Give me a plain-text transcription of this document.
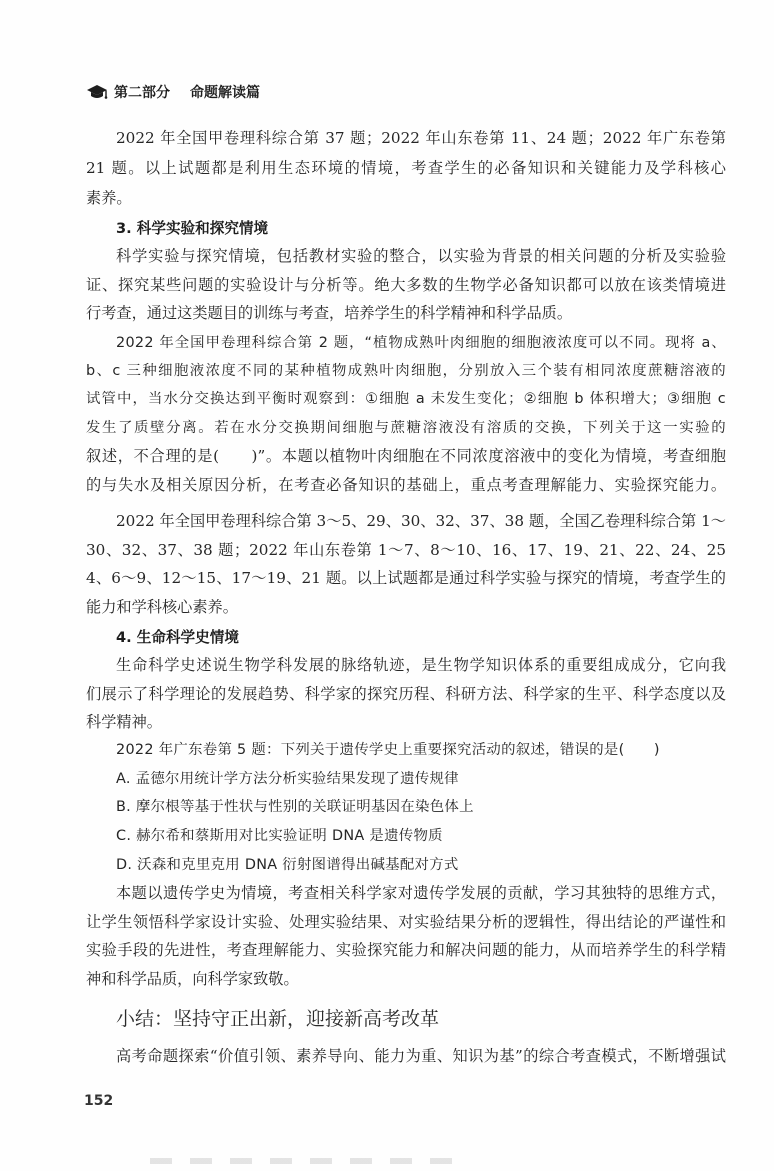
第二部分 命题解读篇
2022 年全国甲卷理科综合第 37 题；2022 年山东卷第 11、24 题；2022 年广东卷第
21 题。以上试题都是利用生态环境的情境，考查学生的必备知识和关键能力及学科核心
素养。
3. 科学实验和探究情境
科学实验与探究情境，包括教材实验的整合，以实验为背景的相关问题的分析及实验验
证、探究某些问题的实验设计与分析等。绝大多数的生物学必备知识都可以放在该类情境进
行考查，通过这类题目的训练与考查，培养学生的科学精神和科学品质。
2022 年全国甲卷理科综合第 2 题，“植物成熟叶肉细胞的细胞液浓度可以不同。现将 a、
b、c 三种细胞液浓度不同的某种植物成熟叶肉细胞，分别放入三个装有相同浓度蔗糖溶液的
试管中，当水分交换达到平衡时观察到：①细胞 a 未发生变化；②细胞 b 体积增大；③细胞 c
发生了质壁分离。若在水分交换期间细胞与蔗糖溶液没有溶质的交换，下列关于这一实验的
叙述，不合理的是(　　)”。本题以植物叶肉细胞在不同浓度溶液中的变化为情境，考查细胞
的与失水及相关原因分析，在考查必备知识的基础上，重点考查理解能力、实验探究能力。
2022 年全国甲卷理科综合第 3～5、29、30、32、37、38 题，全国乙卷理科综合第 1～
30、32、37、38 题；2022 年山东卷第 1～7、8～10、16、17、19、21、22、24、25
4、6～9、12～15、17～19、21 题。以上试题都是通过科学实验与探究的情境，考查学生的
能力和学科核心素养。
4. 生命科学史情境
生命科学史述说生物学科发展的脉络轨迹，是生物学知识体系的重要组成成分，它向我
们展示了科学理论的发展趋势、科学家的探究历程、科研方法、科学家的生平、科学态度以及
科学精神。
2022 年广东卷第 5 题：下列关于遗传学史上重要探究活动的叙述，错误的是(　　)
A. 孟德尔用统计学方法分析实验结果发现了遗传规律
B. 摩尔根等基于性状与性别的关联证明基因在染色体上
C. 赫尔希和蔡斯用对比实验证明 DNA 是遗传物质
D. 沃森和克里克用 DNA 衍射图谱得出碱基配对方式
本题以遗传学史为情境，考查相关科学家对遗传学发展的贡献，学习其独特的思维方式，
让学生领悟科学家设计实验、处理实验结果、对实验结果分析的逻辑性，得出结论的严谨性和
实验手段的先进性，考查理解能力、实验探究能力和解决问题的能力，从而培养学生的科学精
神和科学品质，向科学家致敬。
小结：坚持守正出新，迎接新高考改革
高考命题探索“价值引领、素养导向、能力为重、知识为基”的综合考查模式，不断增强试
152
